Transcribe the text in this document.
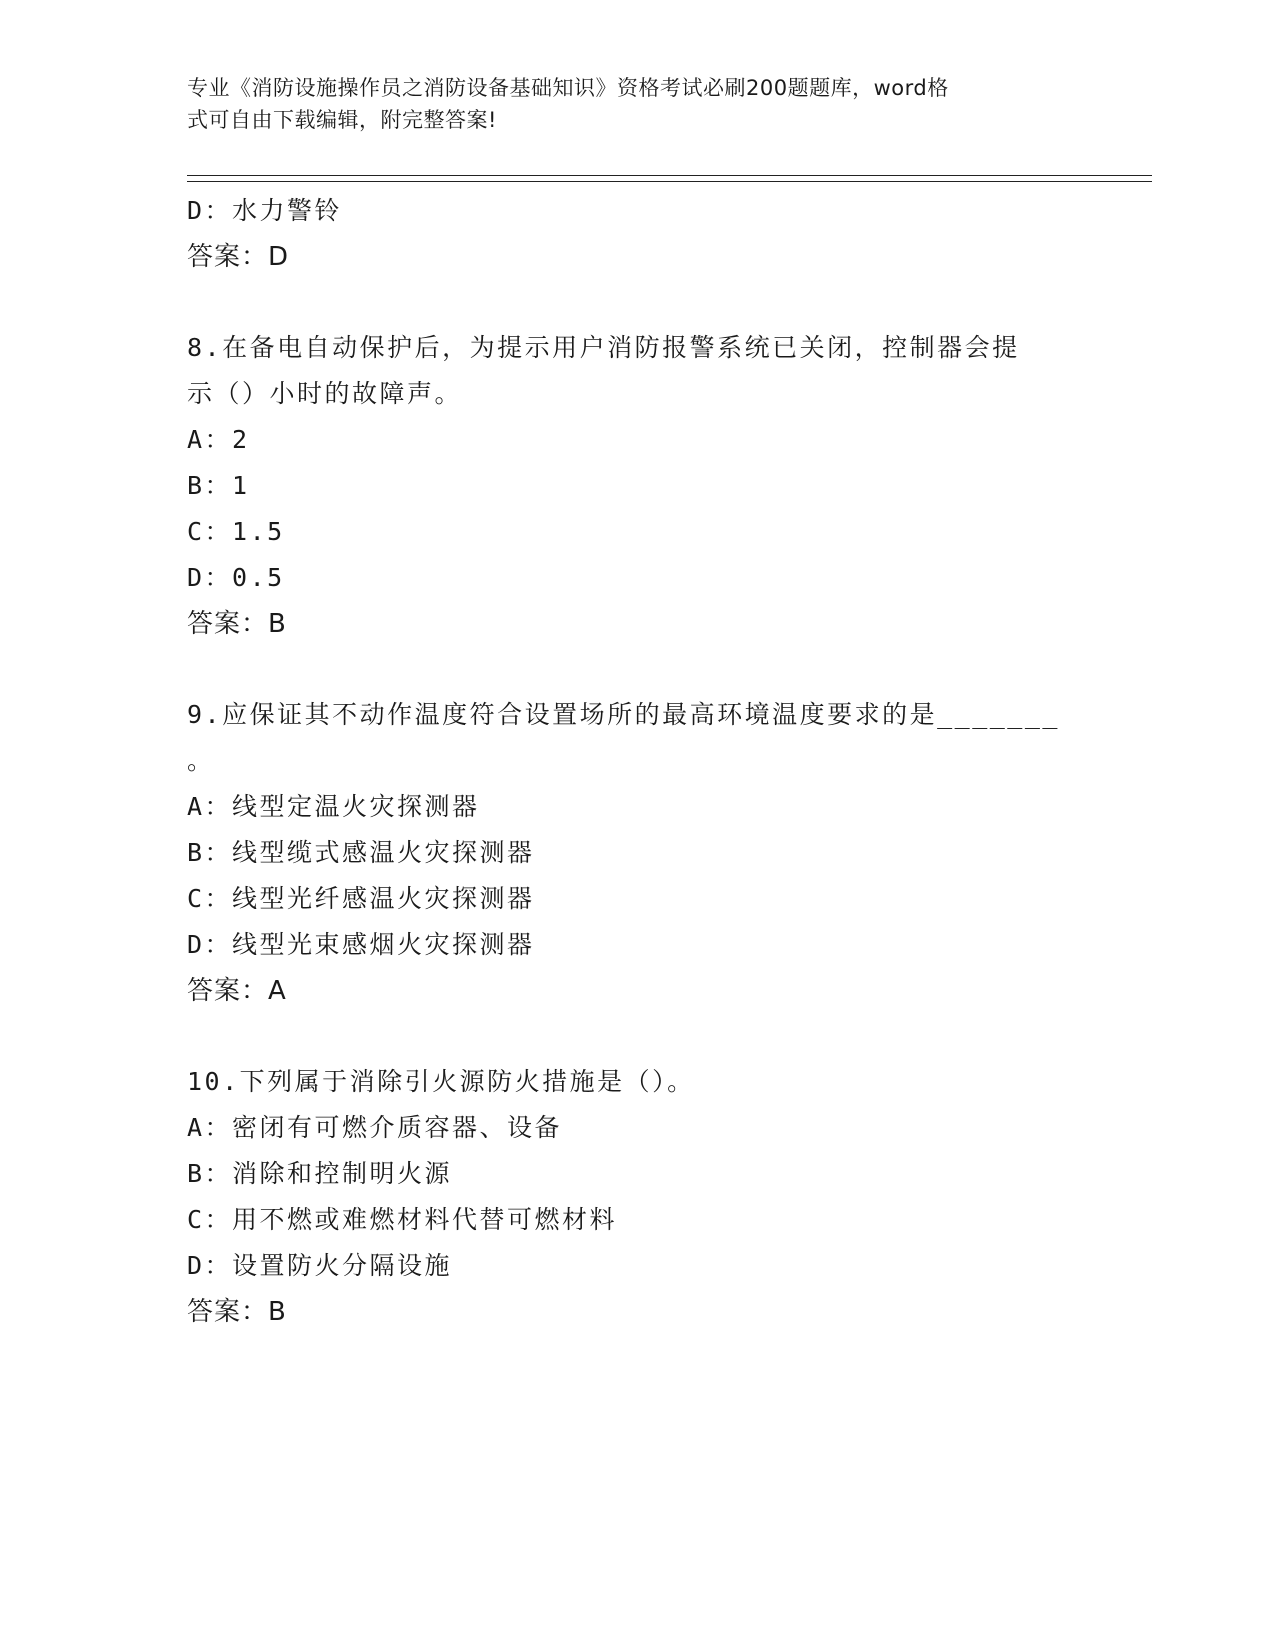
专业《消防设施操作员之消防设备基础知识》资格考试必刷200题题库，word格
式可自由下载编辑，附完整答案!
D：水力警铃
答案：D
8.在备电自动保护后，为提示用户消防报警系统已关闭，控制器会提
示（）小时的故障声。
A：2
B：1
C：1.5
D：0.5
答案：B
9.应保证其不动作温度符合设置场所的最高环境温度要求的是_______
。
A：线型定温火灾探测器
B：线型缆式感温火灾探测器
C：线型光纤感温火灾探测器
D：线型光束感烟火灾探测器
答案：A
10.下列属于消除引火源防火措施是（）。
A：密闭有可燃介质容器、设备
B：消除和控制明火源
C：用不燃或难燃材料代替可燃材料
D：设置防火分隔设施
答案：B
